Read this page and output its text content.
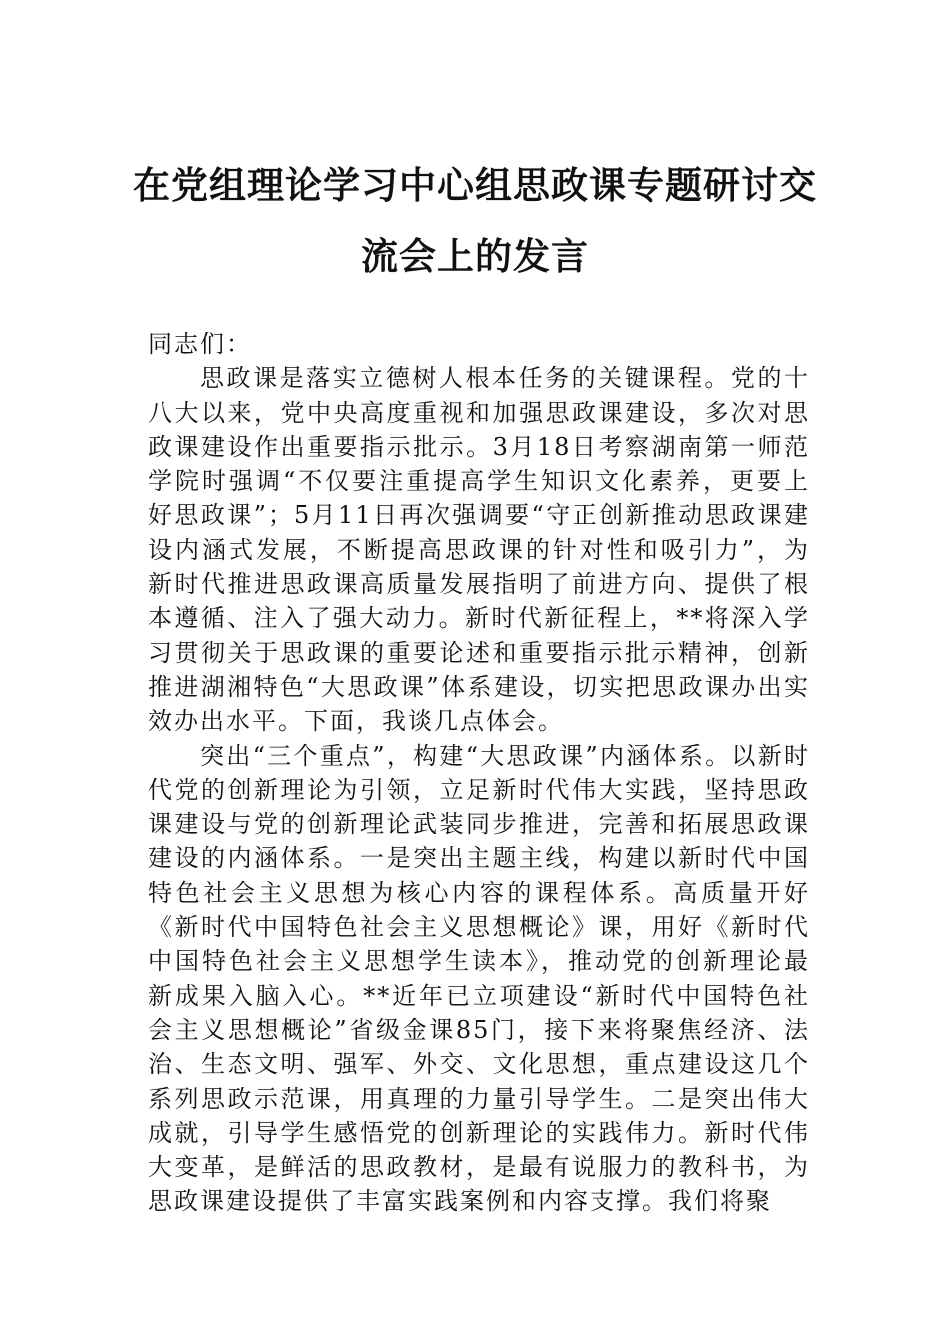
在党组理论学习中心组思政课专题研讨交流会上的发言

同志们：

思政课是落实立德树人根本任务的关键课程。党的十八大以来，党中央高度重视和加强思政课建设，多次对思政课建设作出重要指示批示。3月18日考察湖南第一师范学院时强调“不仅要注重提高学生知识文化素养，更要上好思政课”；5月11日再次强调要“守正创新推动思政课建设内涵式发展，不断提高思政课的针对性和吸引力”，为新时代推进思政课高质量发展指明了前进方向、提供了根本遵循、注入了强大动力。新时代新征程上，**将深入学习贯彻关于思政课的重要论述和重要指示批示精神，创新推进湖湘特色“大思政课”体系建设，切实把思政课办出实效办出水平。下面，我谈几点体会。

突出“三个重点”，构建“大思政课”内涵体系。以新时代党的创新理论为引领，立足新时代伟大实践，坚持思政课建设与党的创新理论武装同步推进，完善和拓展思政课建设的内涵体系。一是突出主题主线，构建以新时代中国特色社会主义思想为核心内容的课程体系。高质量开好《新时代中国特色社会主义思想概论》课，用好《新时代中国特色社会主义思想学生读本》，推动党的创新理论最新成果入脑入心。**近年已立项建设“新时代中国特色社会主义思想概论”省级金课85门，接下来将聚焦经济、法治、生态文明、强军、外交、文化思想，重点建设这几个系列思政示范课，用真理的力量引导学生。二是突出伟大成就，引导学生感悟党的创新理论的实践伟力。新时代伟大变革，是鲜活的思政教材，是最有说服力的教科书，为思政课建设提供了丰富实践案例和内容支撑。我们将聚
